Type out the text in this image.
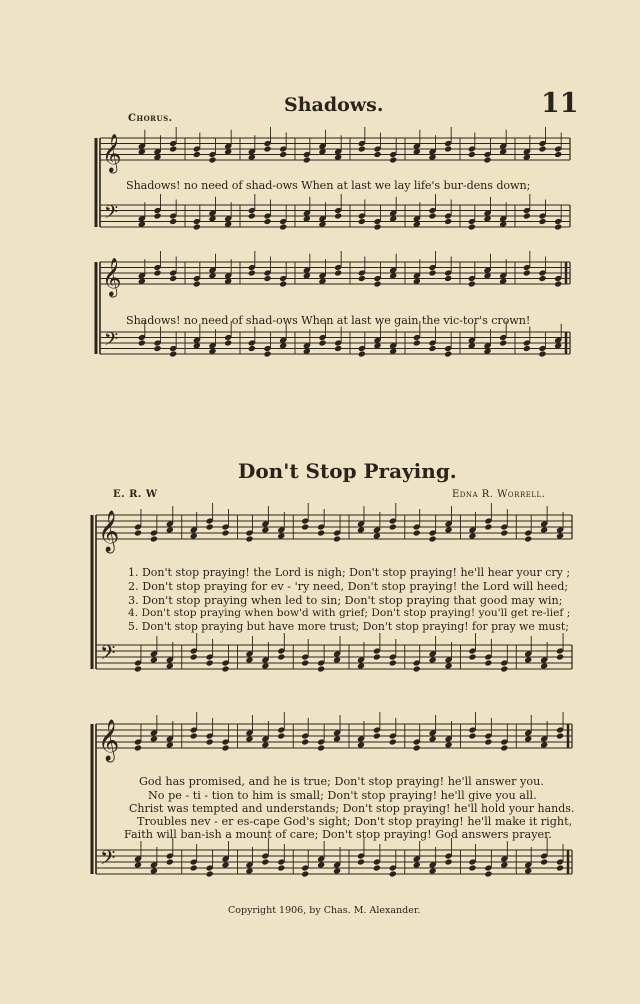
𝄞
𝄢
𝄞
𝄢
𝄞
𝄢
𝄞
𝄢
Shadows.	11
Chorus.
Shadows! no need of shad-ows When at last we lay life's bur-dens down;
Shadows! no need of shad-ows When at last we gain the vic-tor's crown!
Don't Stop Praying.
E. R. W	Edna R. Worrell.
1. Don't stop praying! the Lord is nigh; Don't stop praying! he'll hear your cry ;
2. Don't stop praying for ev - 'ry need, Don't stop praying! the Lord will heed;
3. Don't stop praying when led to sin; Don't stop praying that good may win;
4. Don't stop praying when bow'd with grief; Don't stop praying! you'll get re-lief ;
5. Don't stop praying but have more trust; Don't stop praying! for pray we must;
God has promised, and he is true; Don't stop praying! he'll answer you.
No pe - ti - tion to him is small; Don't stop praying! he'll give you all.
Christ was tempted and understands; Don't stop praying! he'll hold your hands.
Troubles nev - er es-cape God's sight; Don't stop praying! he'll make it right,
Faith will ban-ish a mount of care; Don't stop praying! God answers prayer.
Copyright 1906, by Chas. M. Alexander.
